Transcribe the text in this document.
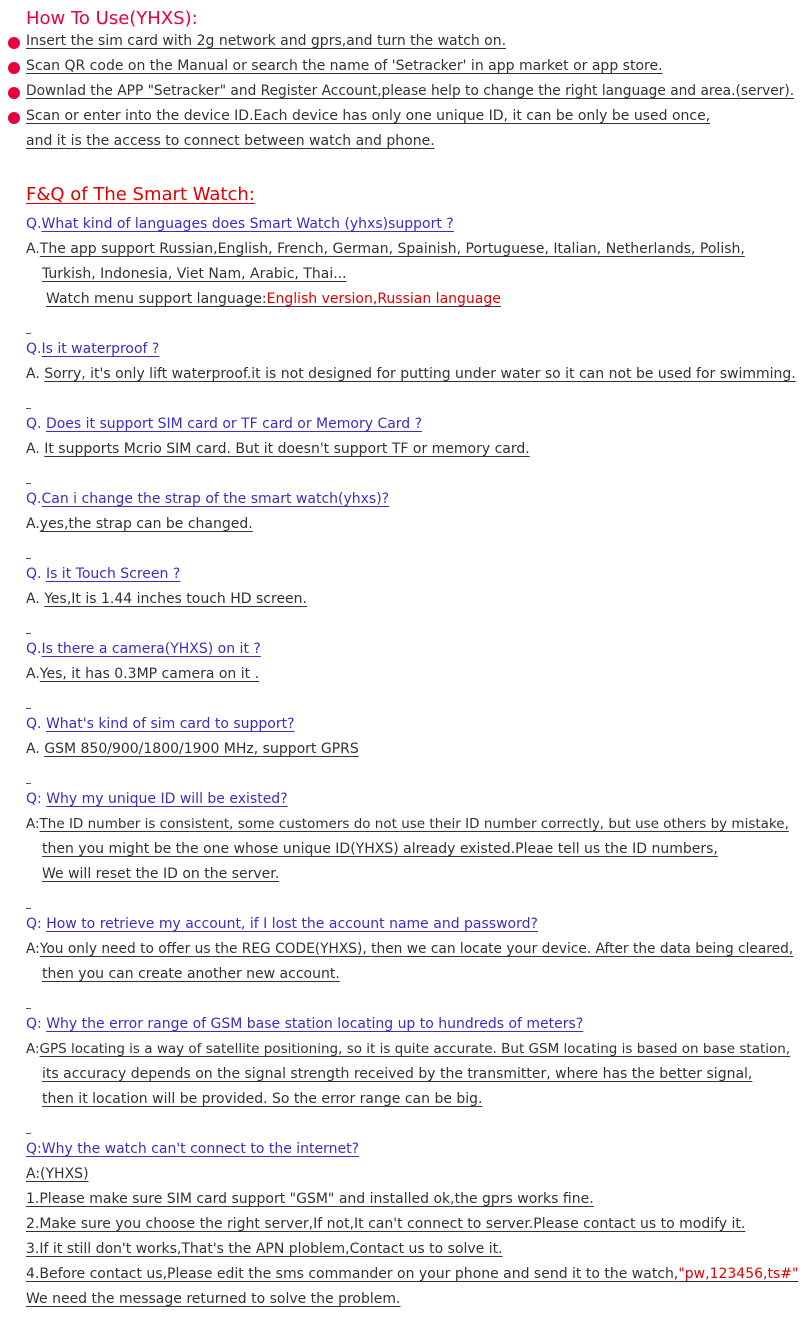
How To Use(YHXS):
Insert the sim card with 2g network and gprs,and turn the watch on.
Scan QR code on the Manual or search the name of 'Setracker' in app market or app store.
Downlad the APP "Setracker" and Register Account,please help to change the right language and area.(server).
Scan or enter into the device ID.Each device has only one unique ID, it can be only be used once,
and it is the access to connect between watch and phone.
F&Q of The Smart Watch:
Q.What kind of languages does Smart Watch (yhxs)support ?
A.The app support Russian,English, French, German, Spainish, Portuguese, Italian, Netherlands, Polish,
Turkish, Indonesia, Viet Nam, Arabic, Thai...
Watch menu support language:English version,Russian language
Q.Is it waterproof ?
A. Sorry, it's only lift waterproof.it is not designed for putting under water so it can not be used for swimming.
Q. Does it support SIM card or TF card or Memory Card ?
A. It supports Mcrio SIM card. But it doesn't support TF or memory card.
Q.Can i change the strap of the smart watch(yhxs)?
A.yes,the strap can be changed.
Q. Is it Touch Screen ?
A. Yes,It is 1.44 inches touch HD screen.
Q.Is there a camera(YHXS) on it ?
A.Yes, it has 0.3MP camera on it .
Q. What's kind of sim card to support?
A. GSM 850/900/1800/1900 MHz, support GPRS
Q: Why my unique ID will be existed?
A:The ID number is consistent, some customers do not use their ID number correctly, but use others by mistake,
then you might be the one whose unique ID(YHXS) already existed.Pleae tell us the ID numbers,
We will reset the ID on the server.
Q: How to retrieve my account, if I lost the account name and password?
A:You only need to offer us the REG CODE(YHXS), then we can locate your device. After the data being cleared,
then you can create another new account.
Q: Why the error range of GSM base station locating up to hundreds of meters?
A:GPS locating is a way of satellite positioning, so it is quite accurate. But GSM locating is based on base station,
its accuracy depends on the signal strength received by the transmitter, where has the better signal,
then it location will be provided. So the error range can be big.
Q:Why the watch can't connect to the internet?
A:(YHXS)
1.Please make sure SIM card support "GSM" and installed ok,the gprs works fine.
2.Make sure you choose the right server,If not,It can't connect to server.Please contact us to modify it.
3.If it still don't works,That's the APN ploblem,Contact us to solve it.
4.Before contact us,Please edit the sms commander on your phone and send it to the watch,"pw,123456,ts#"
We need the message returned to solve the problem.
